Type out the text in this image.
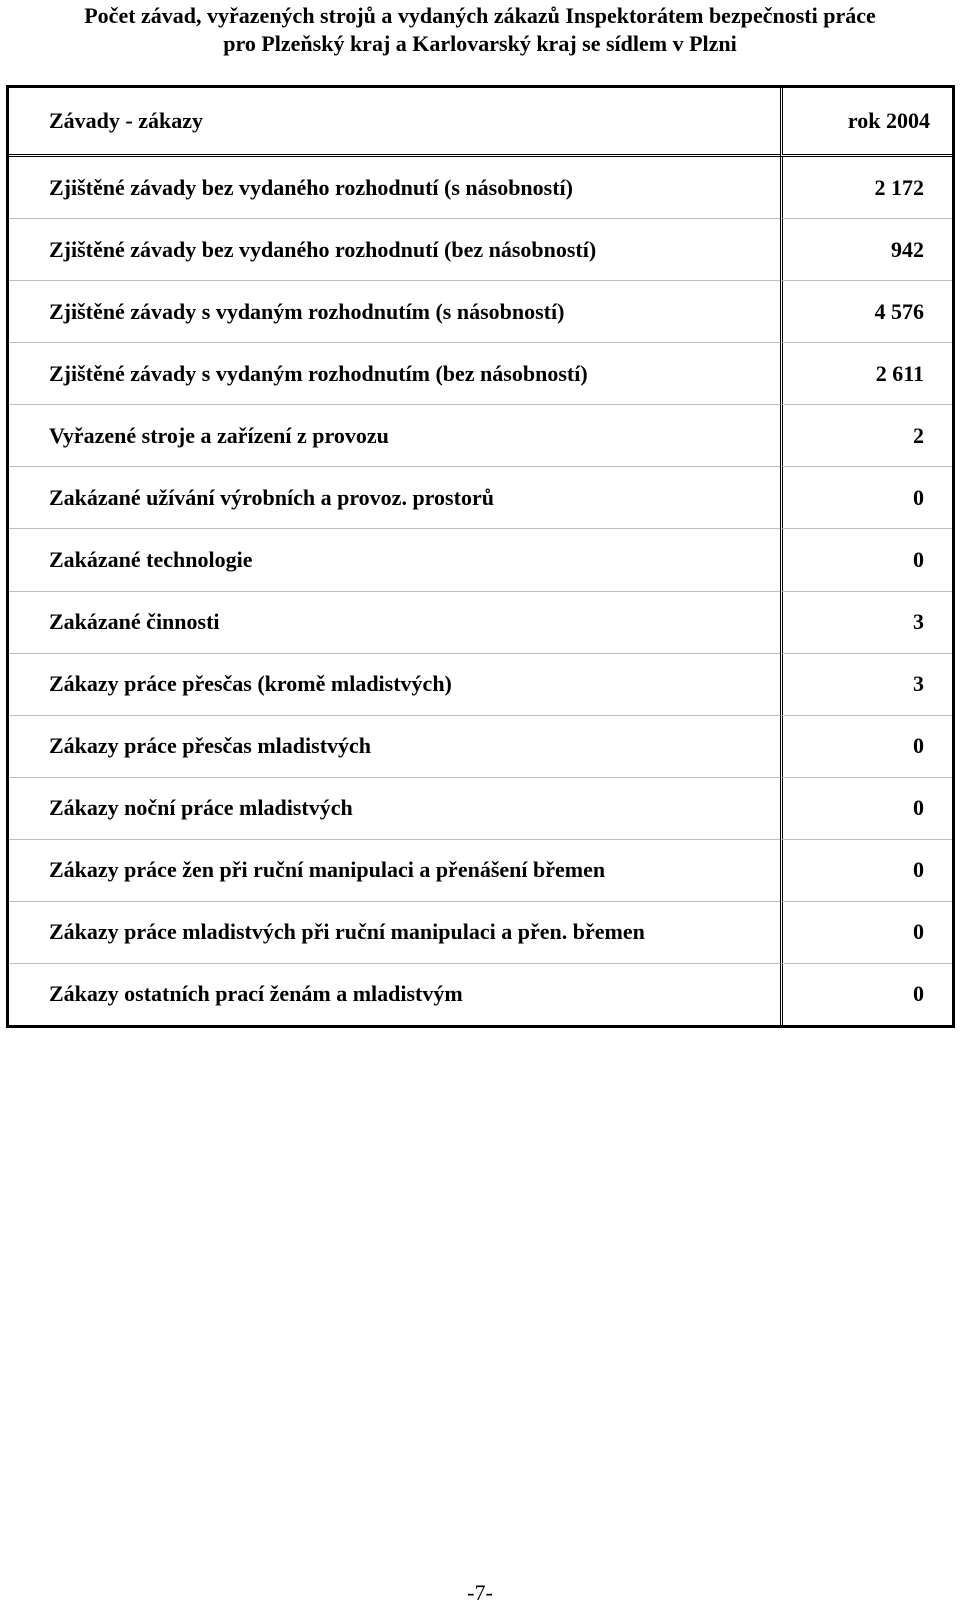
Počet závad, vyřazených strojů a vydaných zákazů Inspektorátem bezpečnosti práce
pro Plzeňský kraj a Karlovarský kraj se sídlem v Plzni
Závady - zákazy	rok 2004
Zjištěné závady bez vydaného rozhodnutí (s násobností)	2 172
Zjištěné závady bez vydaného rozhodnutí (bez násobností)	942
Zjištěné závady s vydaným rozhodnutím (s násobností)	4 576
Zjištěné závady s vydaným rozhodnutím (bez násobností)	2 611
Vyřazené stroje a zařízení z provozu	2
Zakázané užívání výrobních a provoz. prostorů	0
Zakázané technologie	0
Zakázané činnosti	3
Zákazy práce přesčas (kromě mladistvých)	3
Zákazy práce přesčas mladistvých	0
Zákazy noční práce mladistvých	0
Zákazy práce žen při ruční manipulaci a přenášení břemen	0
Zákazy práce mladistvých při ruční manipulaci a přen. břemen	0
Zákazy ostatních prací ženám a mladistvým	0
-7-
